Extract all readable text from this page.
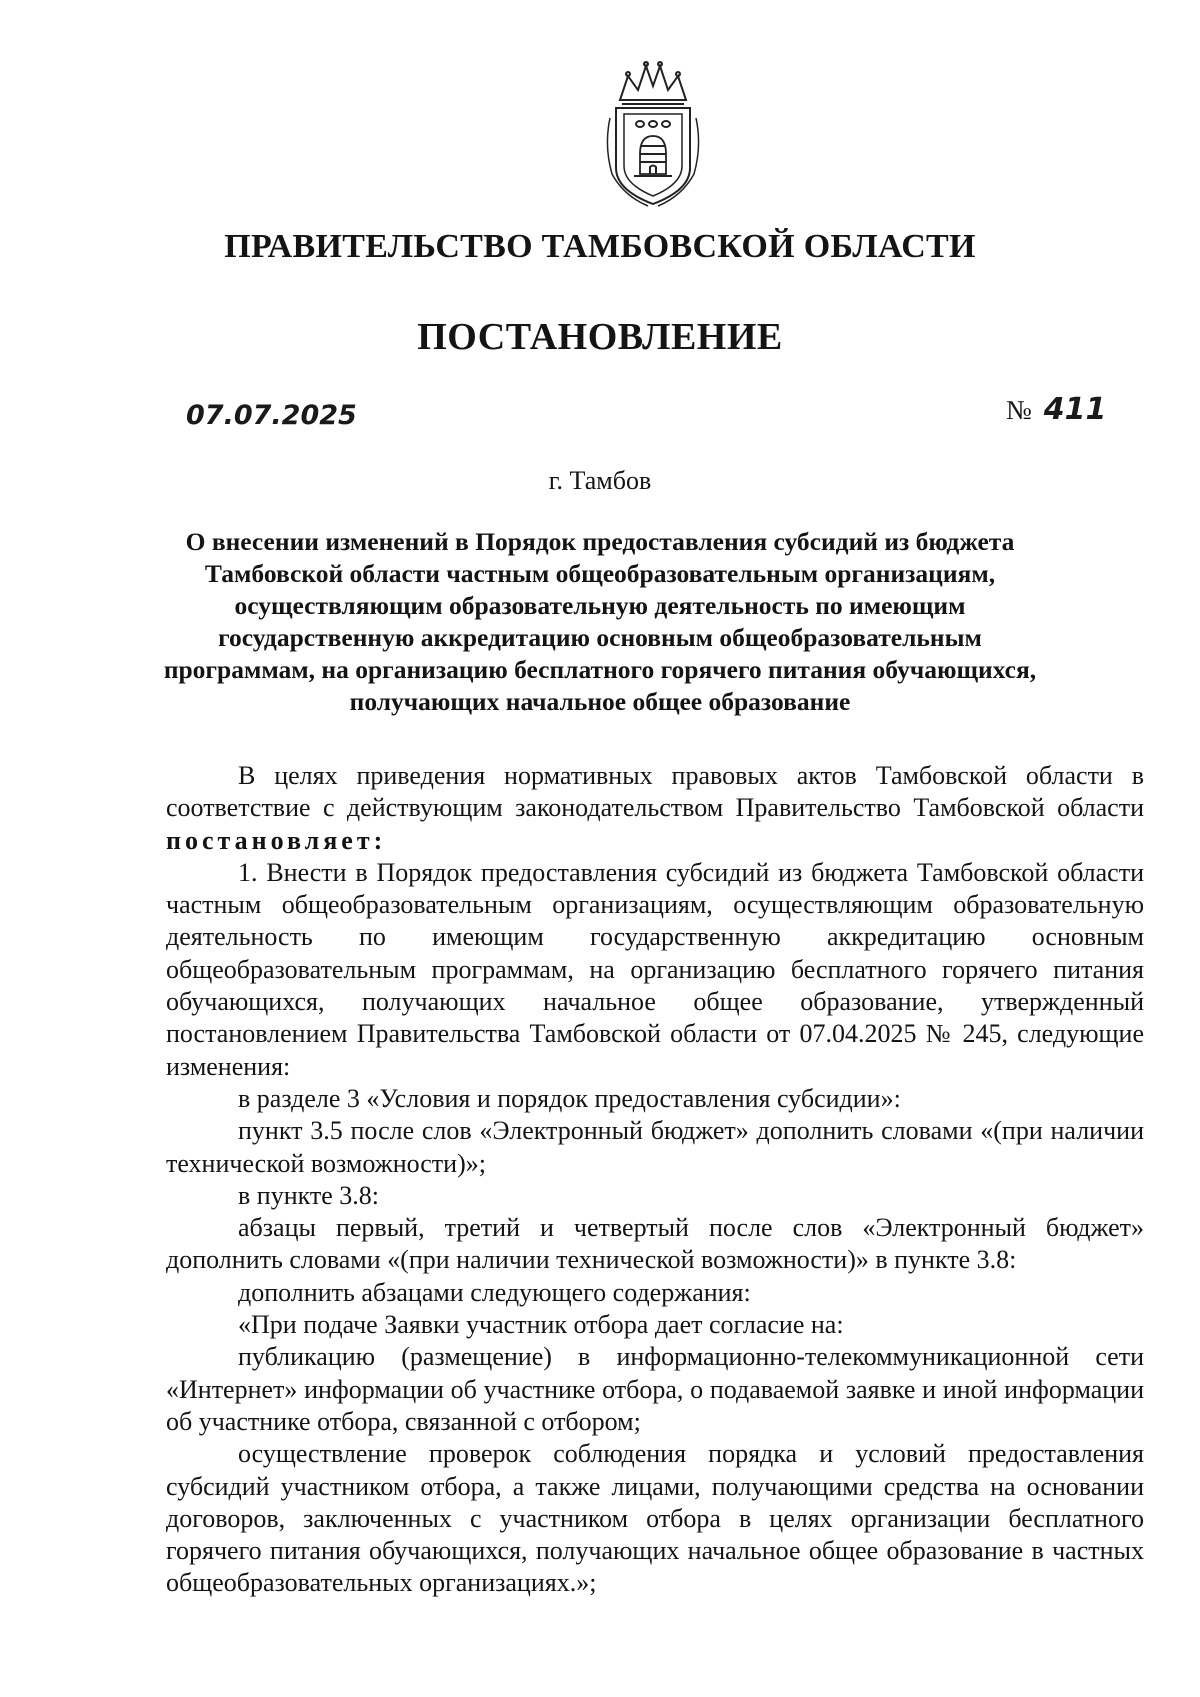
ПРАВИТЕЛЬСТВО ТАМБОВСКОЙ ОБЛАСТИ
ПОСТАНОВЛЕНИЕ
07.07.2025	№ 411
г. Тамбов
О внесении изменений в Порядок предоставления субсидий из бюджета
Тамбовской области частным общеобразовательным организациям,
осуществляющим образовательную деятельность по имеющим
государственную аккредитацию основным общеобразовательным
программам, на организацию бесплатного горячего питания обучающихся,
получающих начальное общее образование

В целях приведения нормативных правовых актов Тамбовской области в соответствие с действующим законодательством Правительство Тамбовской области постановляет:

1. Внести в Порядок предоставления субсидий из бюджета Тамбовской области частным общеобразовательным организациям, осуществляющим образовательную деятельность по имеющим государственную аккредитацию основным общеобразовательным программам, на организацию бесплатного горячего питания обучающихся, получающих начальное общее образование, утвержденный постановлением Правительства Тамбовской области от 07.04.2025 № 245, следующие изменения:

в разделе 3 «Условия и порядок предоставления субсидии»:

пункт 3.5 после слов «Электронный бюджет» дополнить словами «(при наличии технической возможности)»;

в пункте 3.8:

абзацы первый, третий и четвертый после слов «Электронный бюджет» дополнить словами «(при наличии технической возможности)» в пункте 3.8:

дополнить абзацами следующего содержания:

«При подаче Заявки участник отбора дает согласие на:

публикацию (размещение) в информационно-телекоммуникационной сети «Интернет» информации об участнике отбора, о подаваемой заявке и иной информации об участнике отбора, связанной с отбором;

осуществление проверок соблюдения порядка и условий предоставления субсидий участником отбора, а также лицами, получающими средства на основании договоров, заключенных с участником отбора в целях организации бесплатного горячего питания обучающихся, получающих начальное общее образование в частных общеобразовательных организациях.»;
